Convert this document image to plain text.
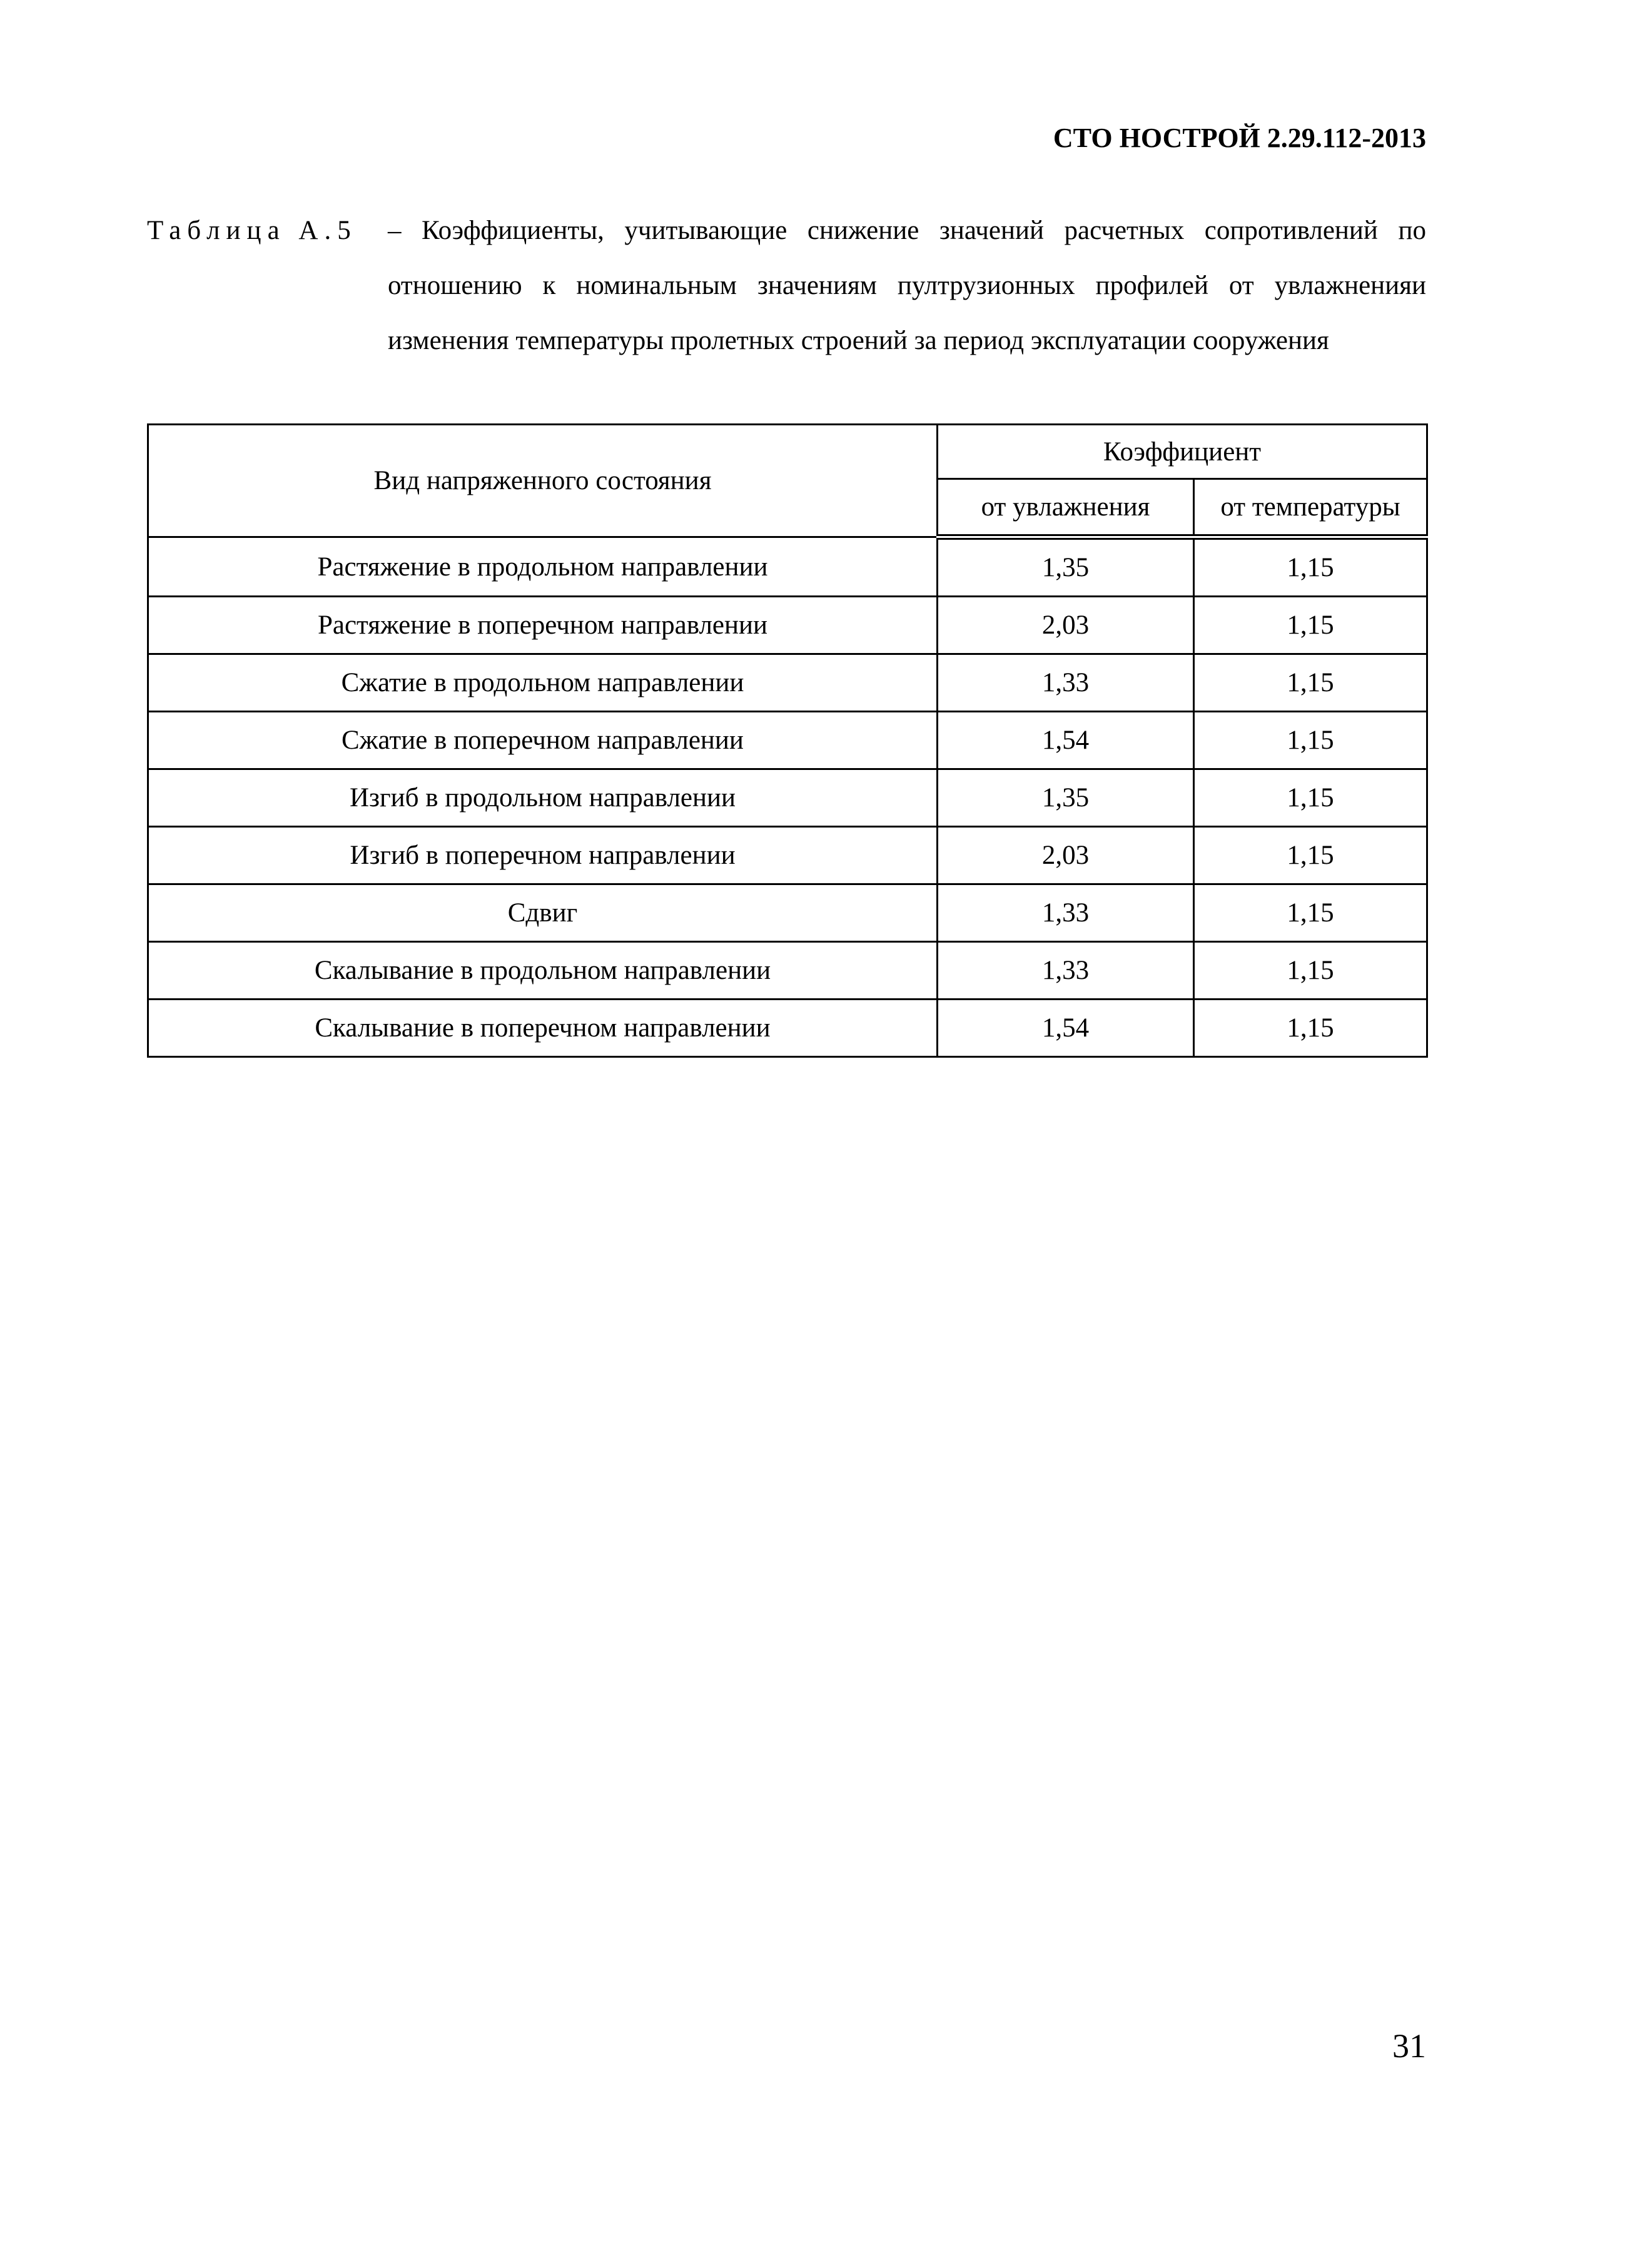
СТО НОСТРОЙ 2.29.112-2013
Таблица А.5 – Коэффициенты, учитывающие снижение значений расчетных сопротивлений по отношению к номинальным значениям пултрузионных профилей от увлажненияи изменения температуры пролетных строений за период эксплуатации сооружения
Вид напряженного состояния	Коэффициент	
	от увлажнения	от температуры
Растяжение в продольном направлении	1,35	1,15
Растяжение в поперечном направлении	2,03	1,15
Сжатие в продольном направлении	1,33	1,15
Сжатие в поперечном направлении	1,54	1,15
Изгиб в продольном направлении	1,35	1,15
Изгиб в поперечном направлении	2,03	1,15
Сдвиг	1,33	1,15
Скалывание в продольном направлении	1,33	1,15
Скалывание в поперечном направлении	1,54	1,15
31
